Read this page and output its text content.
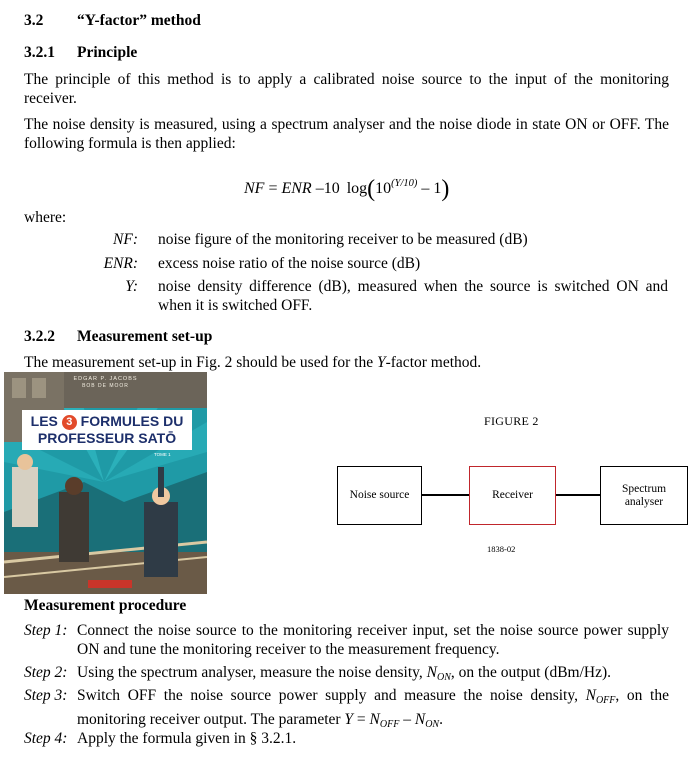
3.2 “Y-factor” method
3.2.1 Principle
The principle of this method is to apply a calibrated noise source to the input of the monitoring receiver.
The noise density is measured, using a spectrum analyser and the noise diode in state ON or OFF. The following formula is then applied:
NF = ENR –10 $\log(10^{(Y/10)} - 1)$
where:
NF: noise figure of the monitoring receiver to be measured (dB)
ENR: excess noise ratio of the noise source (dB)
Y: noise density difference (dB), measured when the source is switched ON and when it is switched OFF.
3.2.2 Measurement set-up
The measurement set-up in Fig. 2 should be used for the Y-factor method.
EDGAR P. JACOBS
BOB DE MOOR
LES 3 FORMULES DU
PROFESSEUR SATŌ
TOME 1
FIGURE 2
Noise source	Receiver
Spectrum
analyser
1838-02
Measurement procedure
Step 1: Connect the noise source to the monitoring receiver input, set the noise source power supply ON and tune the monitoring receiver to the measurement frequency.
Step 2: Using the spectrum analyser, measure the noise density, $N_{ON}$, on the output (dBm/Hz).
Step 3: Switch OFF the noise source power supply and measure the noise density, $N_{OFF}$, on the monitoring receiver output. The parameter $Y = N_{OFF} - N_{ON}$.
Step 4: Apply the formula given in § 3.2.1.
